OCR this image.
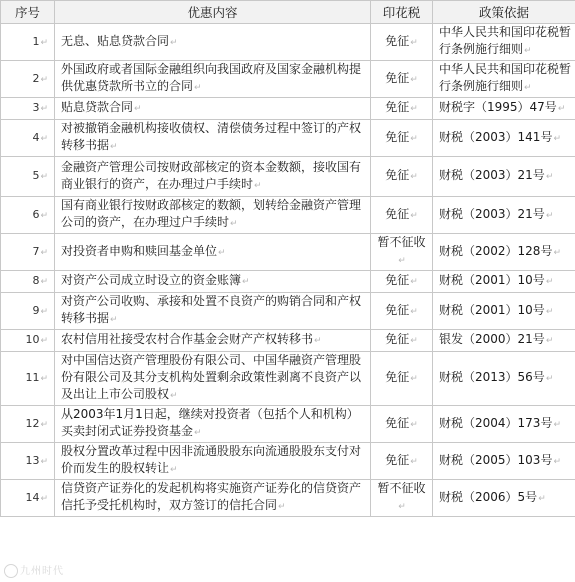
序号	优惠内容	印花税	政策依据
1↵	无息、贴息贷款合同↵	免征↵	中华人民共和国印花税暂行条例施行细则↵
2↵	外国政府或者国际金融组织向我国政府及国家金融机构提供优惠贷款所书立的合同↵	免征↵	中华人民共和国印花税暂行条例施行细则↵
3↵	贴息贷款合同↵	免征↵	财税字（1995）47号↵
4↵	对被撤销金融机构接收债权、清偿债务过程中签订的产权转移书据↵	免征↵	财税（2003）141号↵
5↵	金融资产管理公司按财政部核定的资本金数额，接收国有商业银行的资产，在办理过户手续时↵	免征↵	财税（2003）21号↵
6↵	国有商业银行按财政部核定的数额，划转给金融资产管理公司的资产，在办理过户手续时↵	免征↵	财税（2003）21号↵
7↵	对投资者申购和赎回基金单位↵	暂不征收↵	财税（2002）128号↵
8↵	对资产公司成立时设立的资金账簿↵	免征↵	财税（2001）10号↵
9↵	对资产公司收购、承接和处置不良资产的购销合同和产权转移书据↵	免征↵	财税（2001）10号↵
10↵	农村信用社接受农村合作基金会财产产权转移书↵	免征↵	银发（2000）21号↵
11↵	对中国信达资产管理股份有限公司、中国华融资产管理股份有限公司及其分支机构处置剩余政策性剥离不良资产以及出让上市公司股权↵	免征↵	财税（2013）56号↵
12↵	从2003年1月1日起，继续对投资者（包括个人和机构）买卖封闭式证券投资基金↵	免征↵	财税（2004）173号↵
13↵	股权分置改革过程中因非流通股股东向流通股股东支付对价而发生的股权转让↵	免征↵	财税（2005）103号↵
14↵	信贷资产证券化的发起机构将实施资产证券化的信贷资产信托予受托机构时，双方签订的信托合同↵	暂不征收↵	财税（2006）5号↵
九州时代
